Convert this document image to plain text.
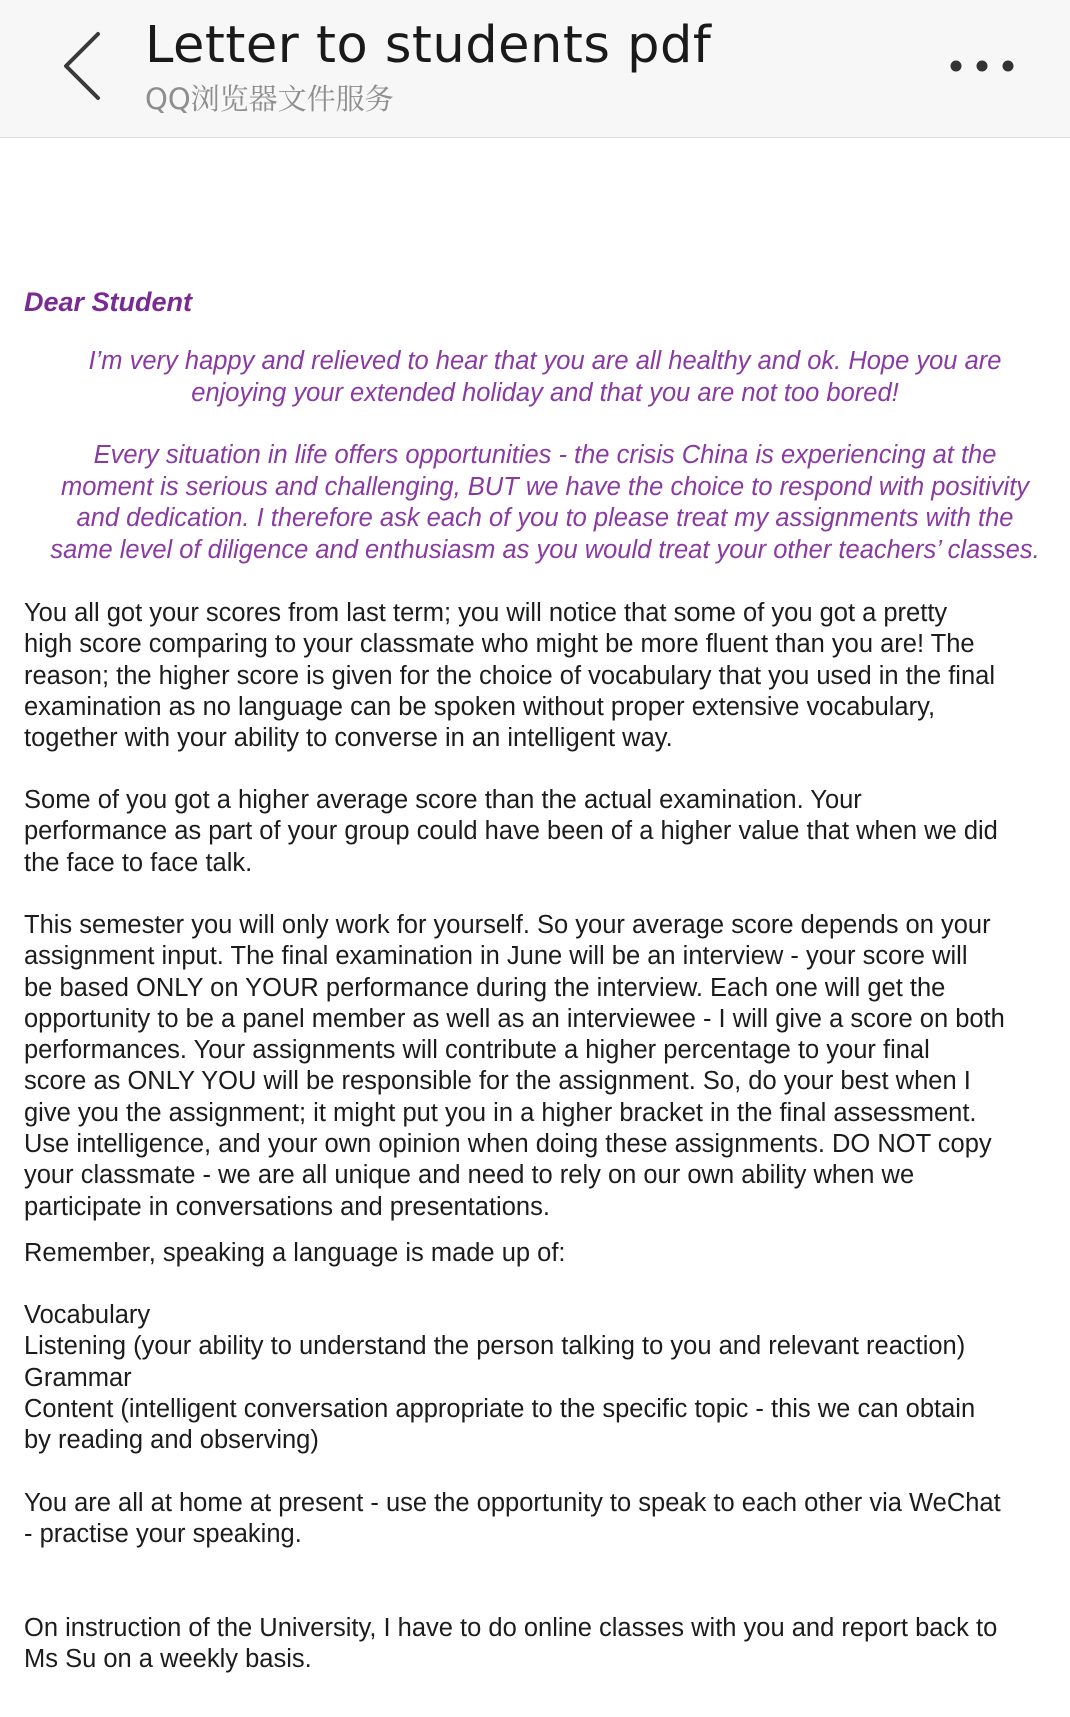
Letter to students pdf
QQ浏览器文件服务
Dear Student

I’m very happy and relieved to hear that you are all healthy and ok. Hope you are

enjoying your extended holiday and that you are not too bored!

Every situation in life offers opportunities - the crisis China is experiencing at the

moment is serious and challenging, BUT we have the choice to respond with positivity

and dedication. I therefore ask each of you to please treat my assignments with the

same level of diligence and enthusiasm as you would treat your other teachers’ classes.

You all got your scores from last term; you will notice that some of you got a pretty

high score comparing to your classmate who might be more fluent than you are! The

reason; the higher score is given for the choice of vocabulary that you used in the final

examination as no language can be spoken without proper extensive vocabulary,

together with your ability to converse in an intelligent way.

Some of you got a higher average score than the actual examination. Your

performance as part of your group could have been of a higher value that when we did

the face to face talk.

This semester you will only work for yourself. So your average score depends on your

assignment input. The final examination in June will be an interview - your score will

be based ONLY on YOUR performance during the interview. Each one will get the

opportunity to be a panel member as well as an interviewee - I will give a score on both

performances. Your assignments will contribute a higher percentage to your final

score as ONLY YOU will be responsible for the assignment. So, do your best when I

give you the assignment; it might put you in a higher bracket in the final assessment.

Use intelligence, and your own opinion when doing these assignments. DO NOT copy

your classmate - we are all unique and need to rely on our own ability when we

participate in conversations and presentations.

Remember, speaking a language is made up of:

Vocabulary

Listening (your ability to understand the person talking to you and relevant reaction)

Grammar

Content (intelligent conversation appropriate to the specific topic - this we can obtain

by reading and observing)

You are all at home at present - use the opportunity to speak to each other via WeChat

- practise your speaking.

On instruction of the University, I have to do online classes with you and report back to

Ms Su on a weekly basis.
